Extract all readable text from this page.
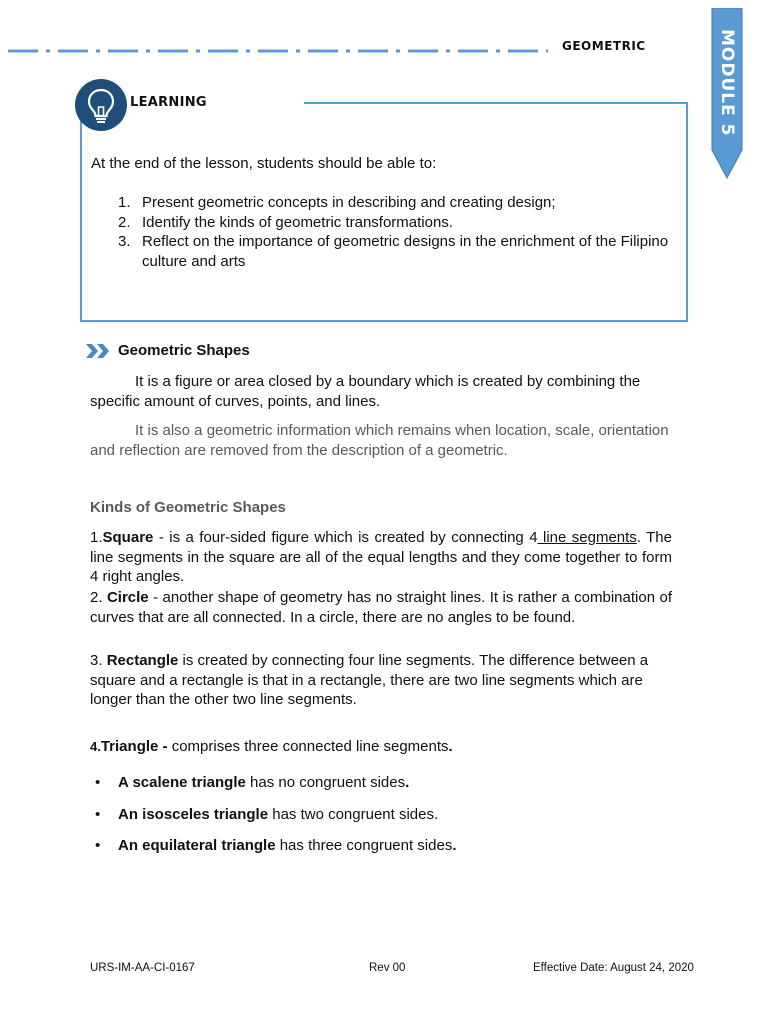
GEOMETRIC	MODULE 5
LEARNING
At the end of the lesson, students should be able to:
1. Present geometric concepts in describing and creating design;
2. Identify the kinds of geometric transformations.
3. Reflect on the importance of geometric designs in the enrichment of the Filipino culture and arts
Geometric Shapes

It is a figure or area closed by a boundary which is created by combining the specific amount of curves, points, and lines.

It is also a geometric information which remains when location, scale, orientation and reflection are removed from the description of a geometric.

Kinds of Geometric Shapes

1.Square - is a four-sided figure which is created by connecting 4 line segments. The line segments in the square are all of the equal lengths and they come together to form 4 right angles.

2. Circle - another shape of geometry has no straight lines. It is rather a combination of curves that are all connected. In a circle, there are no angles to be found.

3. Rectangle is created by connecting four line segments. The difference between a square and a rectangle is that in a rectangle, there are two line segments which are longer than the other two line segments.

4.Triangle - comprises three connected line segments.

• A scalene triangle has no congruent sides.
• An isosceles triangle has two congruent sides.
• An equilateral triangle has three congruent sides.
URS-IM-AA-CI-0167	Rev 00	Effective Date: August 24, 2020
